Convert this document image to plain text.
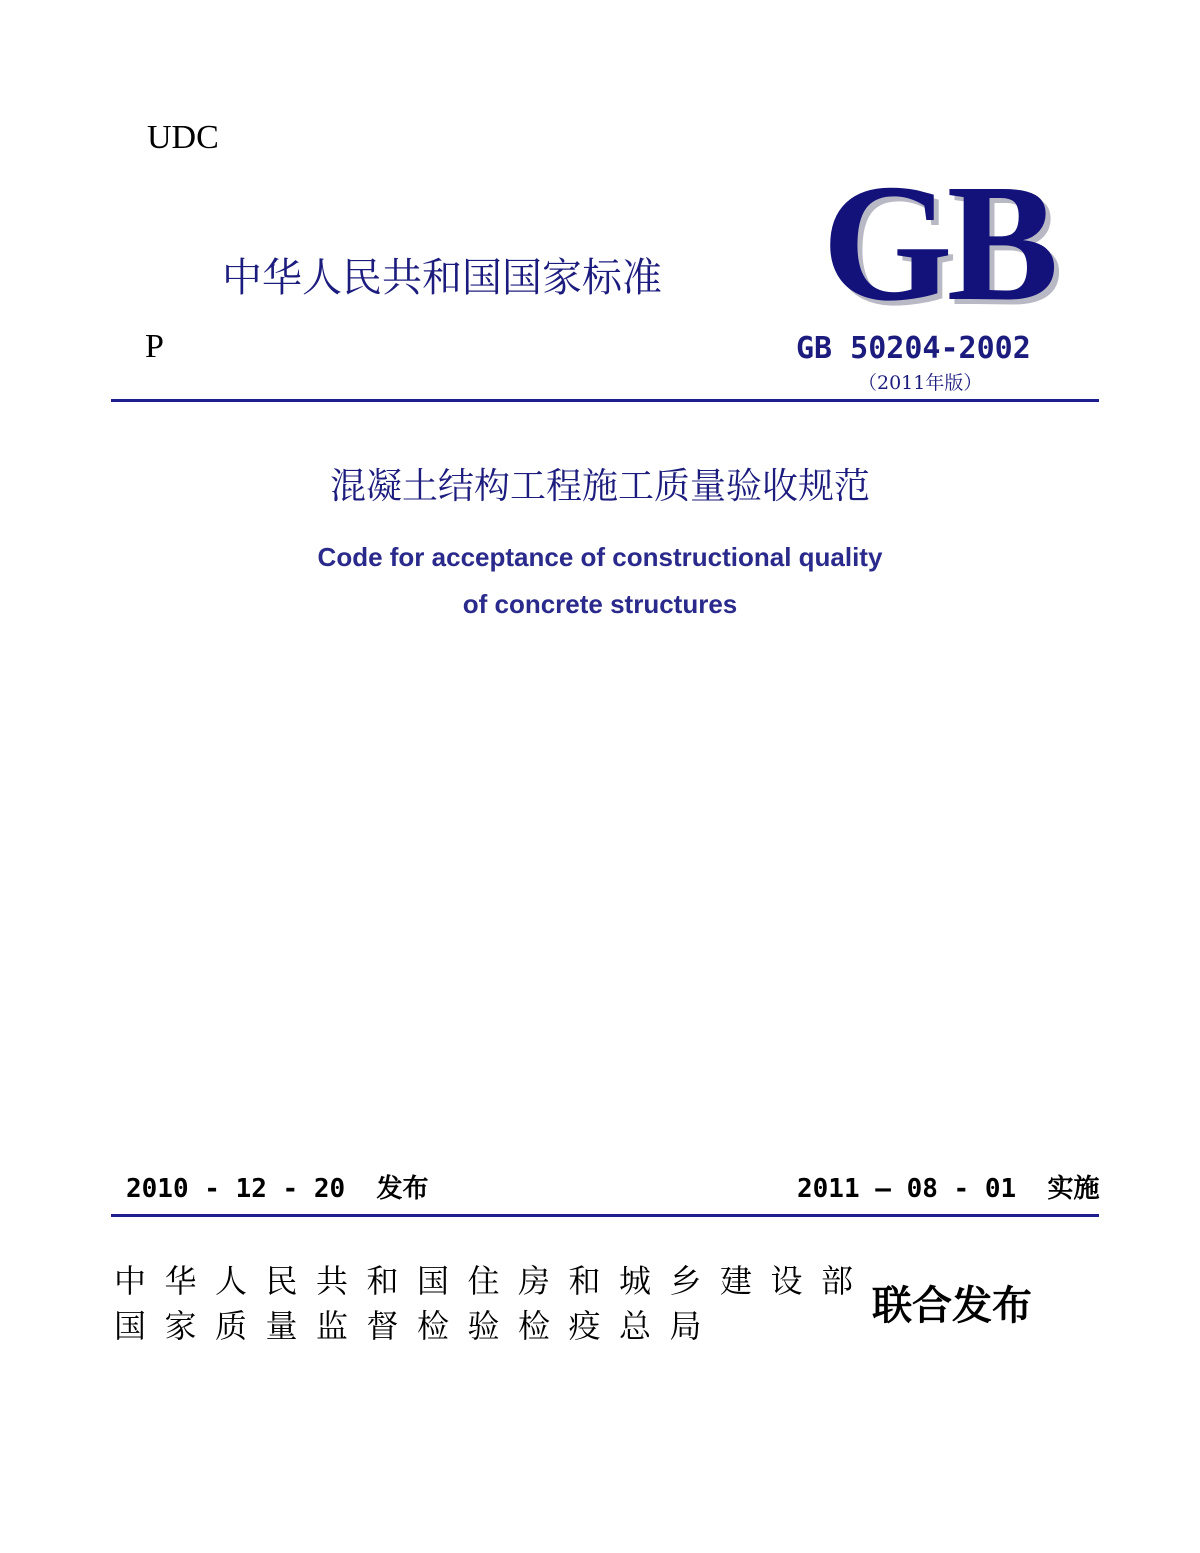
UDC
中华人民共和国国家标准 GB
P	GB 50204-2002
（2011年版）
混凝土结构工程施工质量验收规范
Code for acceptance of constructional quality
of concrete structures
2010 - 12 - 20  发布	2011 — 08 - 01  实施
中华人民共和国住房和城乡建设部
国家质量监督检验检疫总局	联合发布
